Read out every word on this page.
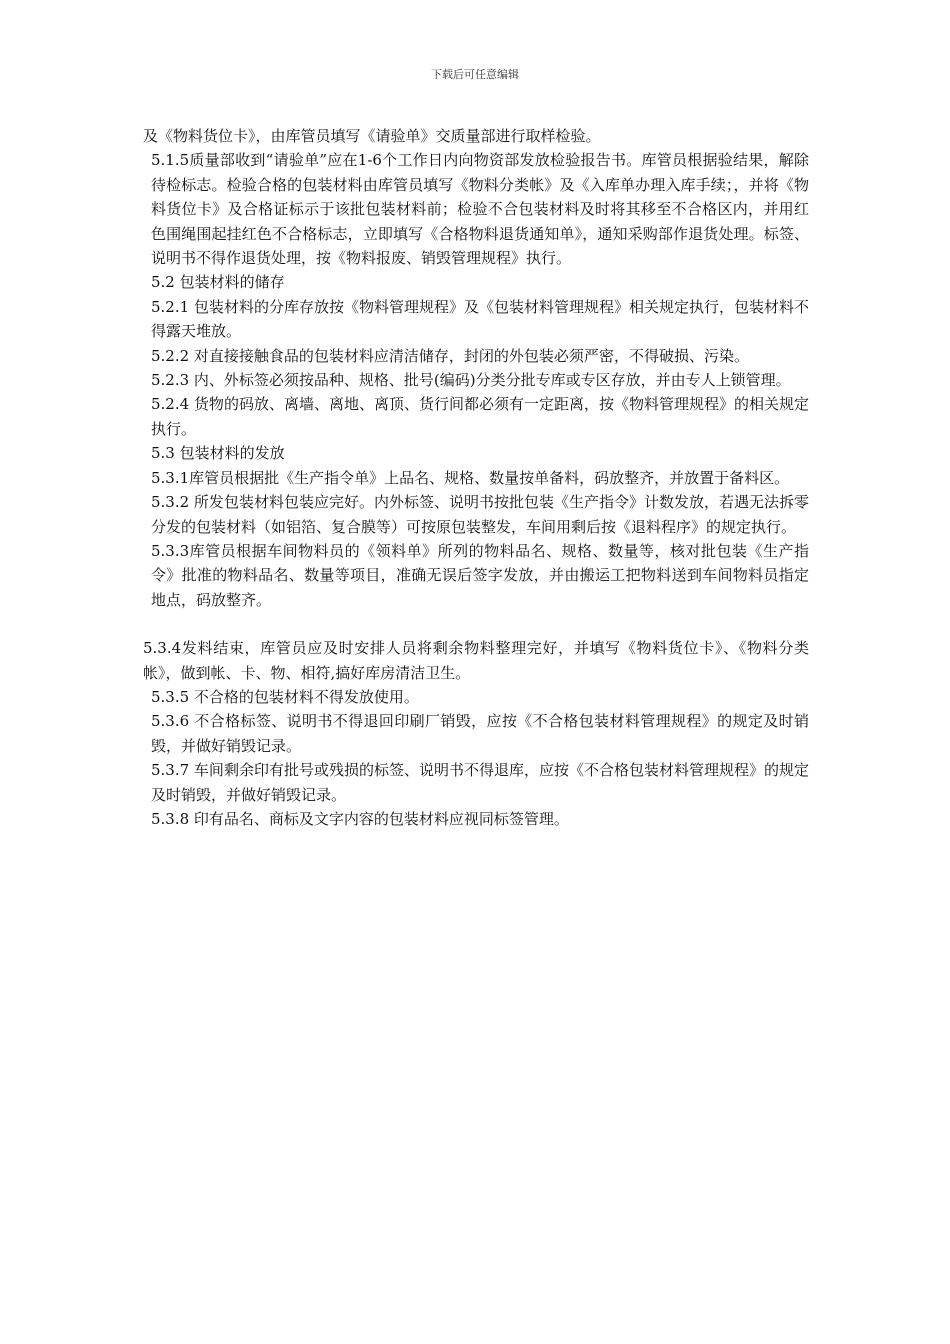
下载后可任意编辑

及《物料货位卡》，由库管员填写《请验单》交质量部进行取样检验。

5.1.5质量部收到“请验单”应在1-6个工作日内向物资部发放检验报告书。库管员根据验结果，解除待检标志。检验合格的包装材料由库管员填写《物料分类帐》及《入库单办理入库手续；，并将《物料货位卡》及合格证标示于该批包装材料前；检验不合包装材料及时将其移至不合格区内，并用红色围绳围起挂红色不合格标志，立即填写《合格物料退货通知单》，通知采购部作退货处理。标签、说明书不得作退货处理，按《物料报废、销毁管理规程》执行。

5.2 包装材料的储存

5.2.1 包装材料的分库存放按《物料管理规程》及《包装材料管理规程》相关规定执行，包装材料不得露天堆放。

5.2.2 对直接接触食品的包装材料应清洁储存，封闭的外包装必须严密，不得破损、污染。

5.2.3 内、外标签必须按品种、规格、批号(编码)分类分批专库或专区存放，并由专人上锁管理。

5.2.4 货物的码放、离墙、离地、离顶、货行间都必须有一定距离，按《物料管理规程》的相关规定执行。

5.3 包装材料的发放

5.3.1库管员根据批《生产指令单》上品名、规格、数量按单备料，码放整齐，并放置于备料区。

5.3.2 所发包装材料包装应完好。内外标签、说明书按批包装《生产指令》计数发放，若遇无法拆零分发的包装材料（如铝箔、复合膜等）可按原包装整发，车间用剩后按《退料程序》的规定执行。

5.3.3库管员根据车间物料员的《领料单》所列的物料品名、规格、数量等，核对批包装《生产指令》批准的物料品名、数量等项目，准确无误后签字发放，并由搬运工把物料送到车间物料员指定地点，码放整齐。

5.3.4发料结束，库管员应及时安排人员将剩余物料整理完好，并填写《物料货位卡》、《物料分类帐》，做到帐、卡、物、相符,搞好库房清洁卫生。

5.3.5 不合格的包装材料不得发放使用。

5.3.6 不合格标签、说明书不得退回印刷厂销毁，应按《不合格包装材料管理规程》的规定及时销毁，并做好销毁记录。

5.3.7 车间剩余印有批号或残损的标签、说明书不得退库，应按《不合格包装材料管理规程》的规定及时销毁，并做好销毁记录。

5.3.8 印有品名、商标及文字内容的包装材料应视同标签管理。
